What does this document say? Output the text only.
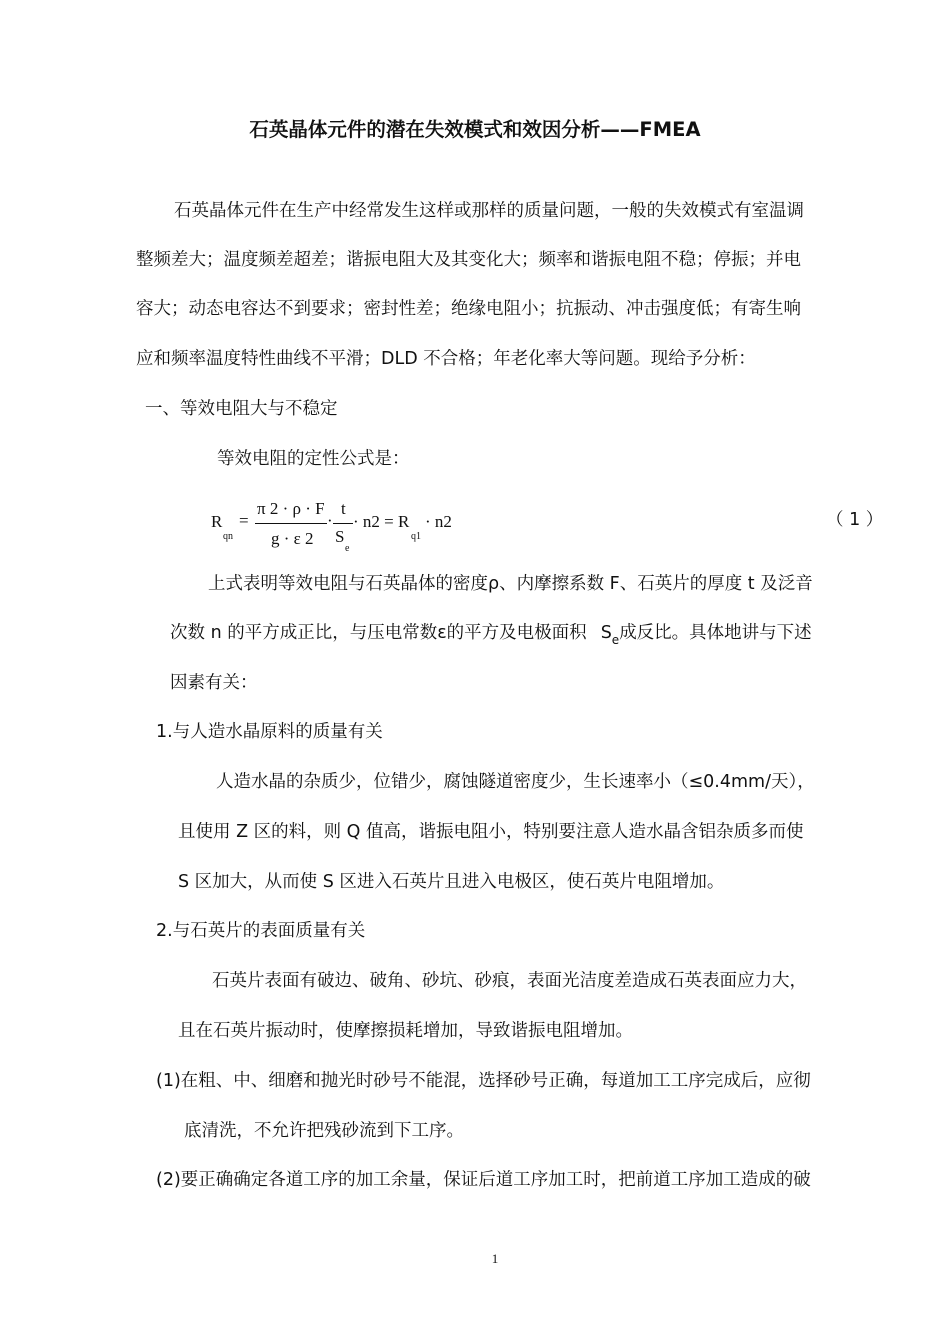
石英晶体元件的潜在失效模式和效因分析——FMEA
石英晶体元件在生产中经常发生这样或那样的质量问题，一般的失效模式有室温调
整频差大；温度频差超差；谐振电阻大及其变化大；频率和谐振电阻不稳；停振；并电
容大；动态电容达不到要求；密封性差；绝缘电阻小；抗振动、冲击强度低；有寄生响
应和频率温度特性曲线不平滑；DLD 不合格；年老化率大等问题。现给予分析：
一、等效电阻大与不稳定
等效电阻的定性公式是：
R
qn
=
π 2 · ρ · F
g · ε 2
·
t
S
e
· n2 = R
q1
· n2	（ 1 ）
上式表明等效电阻与石英晶体的密度ρ、内摩擦系数 F、石英片的厚度 t 及泛音
次数 n 的平方成正比，与压电常数ε的平方及电极面积 $S_e$成反比。具体地讲与下述
因素有关：
1.与人造水晶原料的质量有关
人造水晶的杂质少，位错少，腐蚀隧道密度少，生长速率小（≤0.4mm/天），
且使用 Z 区的料，则 Q 值高，谐振电阻小，特别要注意人造水晶含铝杂质多而使
S 区加大，从而使 S 区进入石英片且进入电极区，使石英片电阻增加。
2.与石英片的表面质量有关
石英片表面有破边、破角、砂坑、砂痕，表面光洁度差造成石英表面应力大，
且在石英片振动时，使摩擦损耗增加，导致谐振电阻增加。
(1)在粗、中、细磨和抛光时砂号不能混，选择砂号正确，每道加工工序完成后，应彻
底清洗，不允许把残砂流到下工序。
(2)要正确确定各道工序的加工余量，保证后道工序加工时，把前道工序加工造成的破
1
